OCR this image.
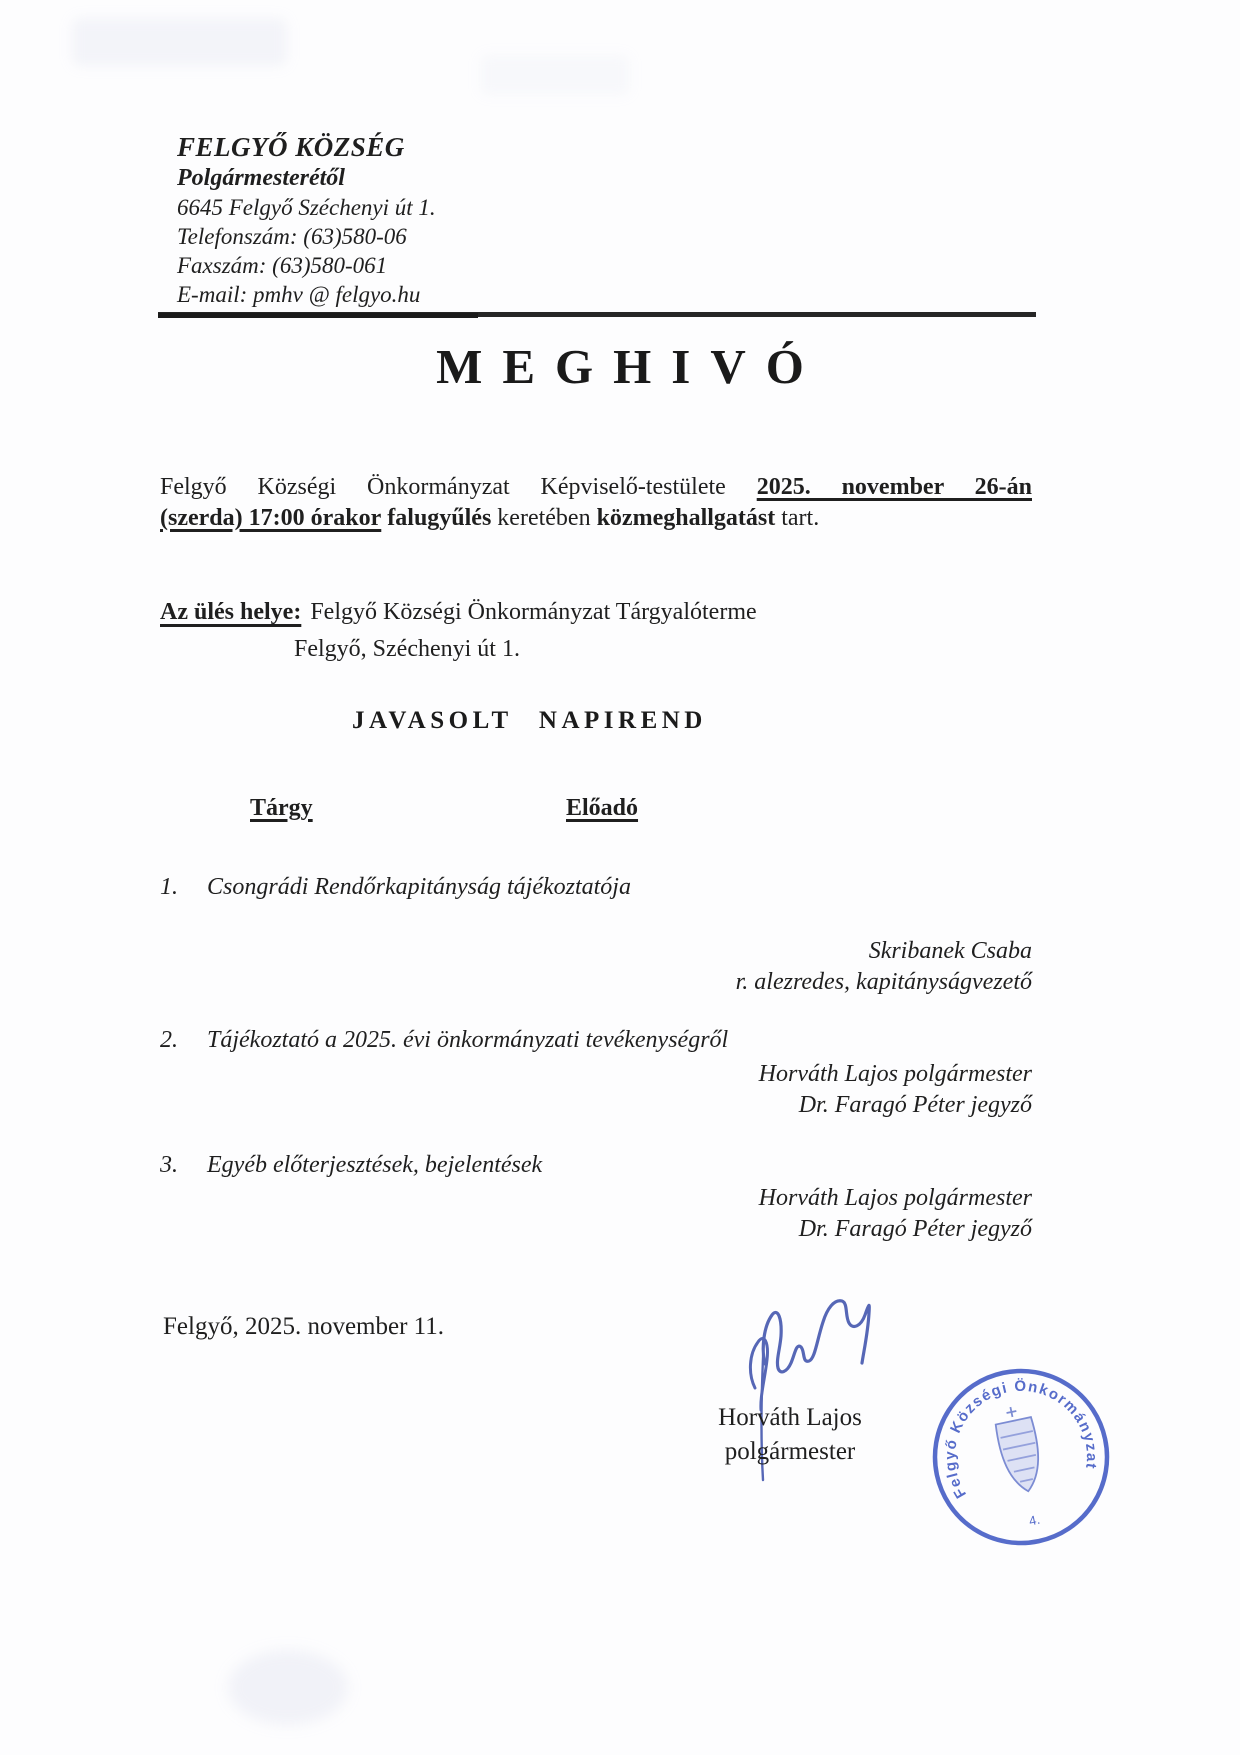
FELGYŐ KÖZSÉG
Polgármesterétől
6645 Felgyő Széchenyi út 1.
Telefonszám: (63)580-06
Faxszám: (63)580-061
E-mail: pmhv @ felgyo.hu
MEGHIVÓ
Felgyő Községi Önkormányzat Képviselő-testülete 2025. november 26-án
(szerda) 17:00 órakor falugyűlés keretében közmeghallgatást tart.
Az ülés helye: Felgyő Községi Önkormányzat Tárgyalóterme
Felgyő, Széchenyi út 1.
JAVASOLT NAPIREND
Tárgy	Előadó
1. Csongrádi Rendőrkapitányság tájékoztatója
Skribanek Csaba
r. alezredes, kapitányságvezető
2. Tájékoztató a 2025. évi önkormányzati tevékenységről
Horváth Lajos polgármester
Dr. Faragó Péter jegyző
3. Egyéb előterjesztések, bejelentések
Horváth Lajos polgármester
Dr. Faragó Péter jegyző
Felgyő, 2025. november 11.
Horváth Lajos
polgármester
Felgyő Községi Önkormányzat
4.
